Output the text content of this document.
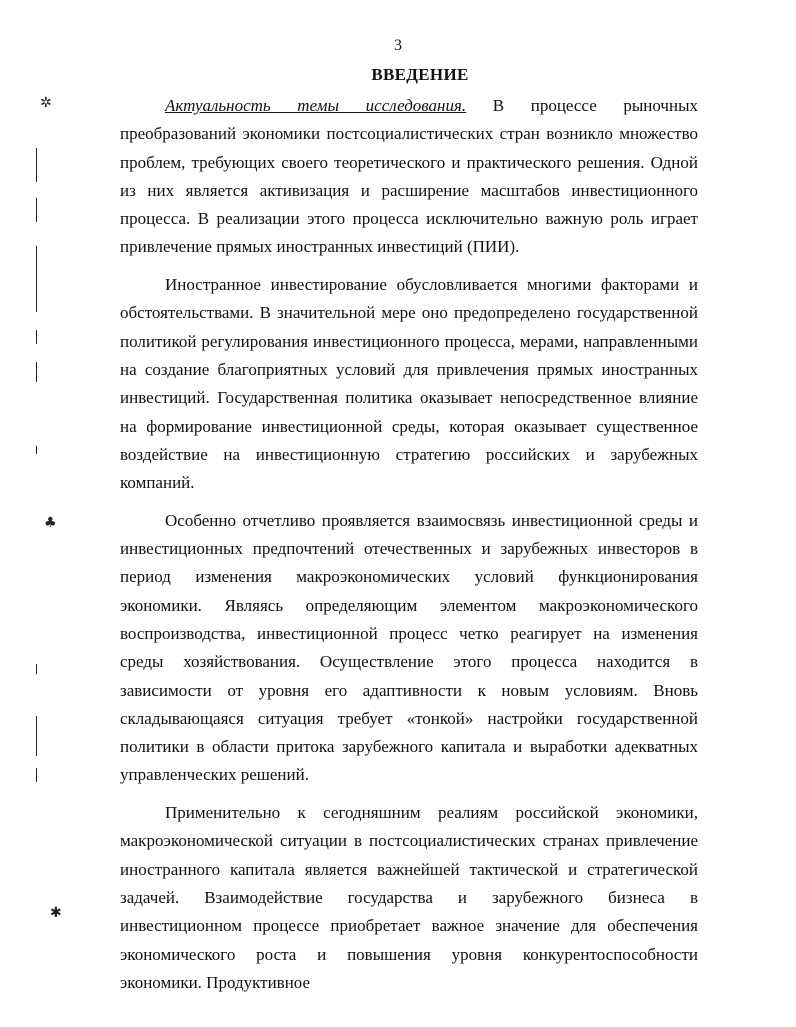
3
ВВЕДЕНИЕ

Актуальность темы исследования. В процессе рыночных преобразований экономики постсоциалистических стран возникло множество проблем, требующих своего теоретического и практического решения. Одной из них является активизация и расширение масштабов инвестиционного процесса. В реализации этого процесса исключительно важную роль играет привлечение прямых иностранных инвестиций (ПИИ).

Иностранное инвестирование обусловливается многими факторами и обстоятельствами. В значительной мере оно предопределено государственной политикой регулирования инвестиционного процесса, мерами, направленными на создание благоприятных условий для привлечения прямых иностранных инвестиций. Государственная политика оказывает непосредственное влияние на формирование инвестиционной среды, которая оказывает существенное воздействие на инвестиционную стратегию российских и зарубежных компаний.

Особенно отчетливо проявляется взаимосвязь инвестиционной среды и инвестиционных предпочтений отечественных и зарубежных инвесторов в период изменения макроэкономических условий функционирования экономики. Являясь определяющим элементом макроэкономического воспроизводства, инвестиционной процесс четко реагирует на изменения среды хозяйствования. Осуществление этого процесса находится в зависимости от уровня его адаптивности к новым условиям. Вновь складывающаяся ситуация требует «тонкой» настройки государственной политики в области притока зарубежного капитала и выработки адекватных управленческих решений.

Применительно к сегодняшним реалиям российской экономики, макроэкономической ситуации в постсоциалистических странах привлечение иностранного капитала является важнейшей тактической и стратегической задачей. Взаимодействие государства и зарубежного бизнеса в инвестиционном процессе приобретает важное значение для обеспечения экономического роста и повышения уровня конкурентоспособности экономики. Продуктивное

✲
♣
✱
